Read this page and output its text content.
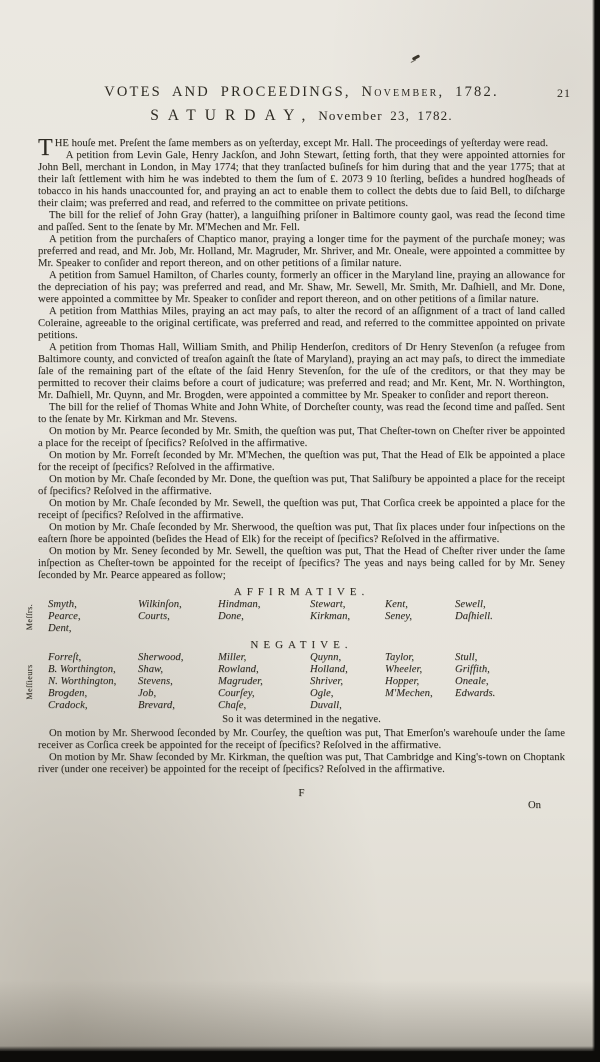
VOTES AND PROCEEDINGS, November, 1782.	21
SATURDAY, November 23, 1782.

THE houſe met. Preſent the ſame members as on yeſterday, except Mr. Hall. The proceedings of yeſterday were read.

A petition from Levin Gale, Henry Jackſon, and John Stewart, ſetting forth, that they were appointed attornies for John Bell, merchant in London, in May 1774; that they tranſacted buſineſs for him during that and the year 1775; that at their laſt ſettlement with him he was indebted to them the ſum of £. 2073 9 10 ſterling, beſides a hundred hogſheads of tobacco in his hands unaccounted for, and praying an act to enable them to collect the debts due to ſaid Bell, to diſcharge their claim; was preferred and read, and referred to the committee on private petitions.

The bill for the relief of John Gray (hatter), a languiſhing priſoner in Baltimore county gaol, was read the ſecond time and paſſed. Sent to the ſenate by Mr. M'Mechen and Mr. Fell.

A petition from the purchaſers of Chaptico manor, praying a longer time for the payment of the purchaſe money; was preferred and read, and Mr. Job, Mr. Holland, Mr. Magruder, Mr. Shriver, and Mr. Oneale, were appointed a committee by Mr. Speaker to conſider and report thereon, and on other petitions of a ſimilar nature.

A petition from Samuel Hamilton, of Charles county, formerly an officer in the Maryland line, praying an allowance for the depreciation of his pay; was preferred and read, and Mr. Shaw, Mr. Sewell, Mr. Smith, Mr. Daſhiell, and Mr. Done, were appointed a committee by Mr. Speaker to conſider and report thereon, and on other petitions of a ſimilar nature.

A petition from Matthias Miles, praying an act may paſs, to alter the record of an aſſignment of a tract of land called Coleraine, agreeable to the original certificate, was preferred and read, and referred to the committee appointed on private petitions.

A petition from Thomas Hall, William Smith, and Philip Henderſon, creditors of Dr Henry Stevenſon (a refugee from Baltimore county, and convicted of treaſon againſt the ſtate of Maryland), praying an act may paſs, to direct the immediate ſale of the remaining part of the eſtate of the ſaid Henry Stevenſon, for the uſe of the creditors, or that they may be permitted to recover their claims before a court of judicature; was preferred and read; and Mr. Kent, Mr. N. Worthington, Mr. Daſhiell, Mr. Quynn, and Mr. Brogden, were appointed a committee by Mr. Speaker to conſider and report thereon.

The bill for the relief of Thomas White and John White, of Dorcheſter county, was read the ſecond time and paſſed. Sent to the ſenate by Mr. Kirkman and Mr. Stevens.

On motion by Mr. Pearce ſeconded by Mr. Smith, the queſtion was put, That Cheſter-town on Cheſter river be appointed a place for the receipt of ſpecifics? Reſolved in the affirmative.

On motion by Mr. Forreſt ſeconded by Mr. M'Mechen, the queſtion was put, That the Head of Elk be appointed a place for the receipt of ſpecifics? Reſolved in the affirmative.

On motion by Mr. Chaſe ſeconded by Mr. Done, the queſtion was put, That Saliſbury be appointed a place for the receipt of ſpecifics? Reſolved in the affirmative.

On motion by Mr. Chaſe ſeconded by Mr. Sewell, the queſtion was put, That Corſica creek be appointed a place for the receipt of ſpecifics? Reſolved in the affirmative.

On motion by Mr. Chaſe ſeconded by Mr. Sherwood, the queſtion was put, That ſix places under four inſpections on the eaſtern ſhore be appointed (beſides the Head of Elk) for the receipt of ſpecifics? Reſolved in the affirmative.

On motion by Mr. Seney ſeconded by Mr. Sewell, the queſtion was put, That the Head of Cheſter river under the ſame inſpection as Cheſter-town be appointed for the receipt of ſpecifics? The yeas and nays being called for by Mr. Seney ſeconded by Mr. Pearce appeared as follow;

AFFIRMATIVE.
Meſſrs. Smyth,	Wilkinſon,	Hindman,	Stewart,	Kent,	Sewell,
Pearce,	Courts,	Done,	Kirkman,	Seney,	Daſhiell.
Dent,
NEGATIVE.
Meſſieurs
Forreſt,	Sherwood,	Miller,	Quynn,	Taylor,	Stull,
B. Worthington,	Shaw,	Rowland,	Holland,	Wheeler,	Griffith,
N. Worthington,	Stevens,	Magruder,	Shriver,	Hopper,	Oneale,
Brogden,	Job,	Courſey,	Ogle,	M'Mechen,	Edwards.
Cradock,	Brevard,	Chaſe,	Duvall,

So it was determined in the negative.

On motion by Mr. Sherwood ſeconded by Mr. Courſey, the queſtion was put, That Emerſon's warehouſe under the ſame receiver as Corſica creek be appointed for the receipt of ſpecifics? Reſolved in the affirmative.

On motion by Mr. Shaw ſeconded by Mr. Kirkman, the queſtion was put, That Cambridge and King's-town on Choptank river (under one receiver) be appointed for the receipt of ſpecifics? Reſolved in the affirmative.

F
On
